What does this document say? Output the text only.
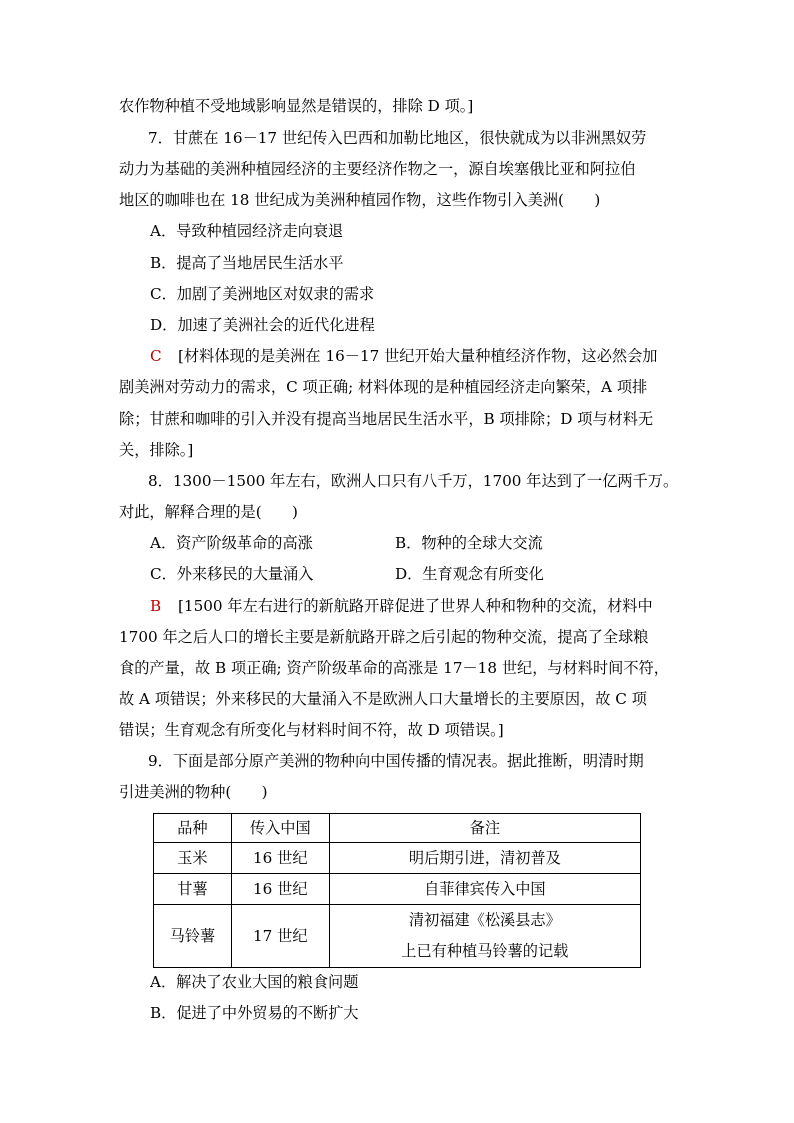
农作物种植不受地域影响显然是错误的，排除 D 项。]
7．甘蔗在 16－17 世纪传入巴西和加勒比地区，很快就成为以非洲黑奴劳
动力为基础的美洲种植园经济的主要经济作物之一，源自埃塞俄比亚和阿拉伯
地区的咖啡也在 18 世纪成为美洲种植园作物，这些作物引入美洲(　　)
A．导致种植园经济走向衰退
B．提高了当地居民生活水平
C．加剧了美洲地区对奴隶的需求
D．加速了美洲社会的近代化进程
C [材料体现的是美洲在 16－17 世纪开始大量种植经济作物，这必然会加
剧美洲对劳动力的需求，C 项正确; 材料体现的是种植园经济走向繁荣，A 项排
除；甘蔗和咖啡的引入并没有提高当地居民生活水平，B 项排除；D 项与材料无
关，排除。]
8．1300－1500 年左右，欧洲人口只有八千万，1700 年达到了一亿两千万。
对此，解释合理的是(　　)
A．资产阶级革命的高涨	B．物种的全球大交流
C．外来移民的大量涌入	D．生育观念有所变化
B [1500 年左右进行的新航路开辟促进了世界人种和物种的交流，材料中
1700 年之后人口的增长主要是新航路开辟之后引起的物种交流，提高了全球粮
食的产量，故 B 项正确; 资产阶级革命的高涨是 17－18 世纪，与材料时间不符，
故 A 项错误；外来移民的大量涌入不是欧洲人口大量增长的主要原因，故 C 项
错误；生育观念有所变化与材料时间不符，故 D 项错误。]
9．下面是部分原产美洲的物种向中国传播的情况表。据此推断，明清时期
引进美洲的物种(　　)
品种	传入中国	备注
玉米	16 世纪	明后期引进，清初普及
甘薯	16 世纪	自菲律宾传入中国
马铃薯	17 世纪	清初福建《松溪县志》
上已有种植马铃薯的记载
A．解决了农业大国的粮食问题
B．促进了中外贸易的不断扩大
